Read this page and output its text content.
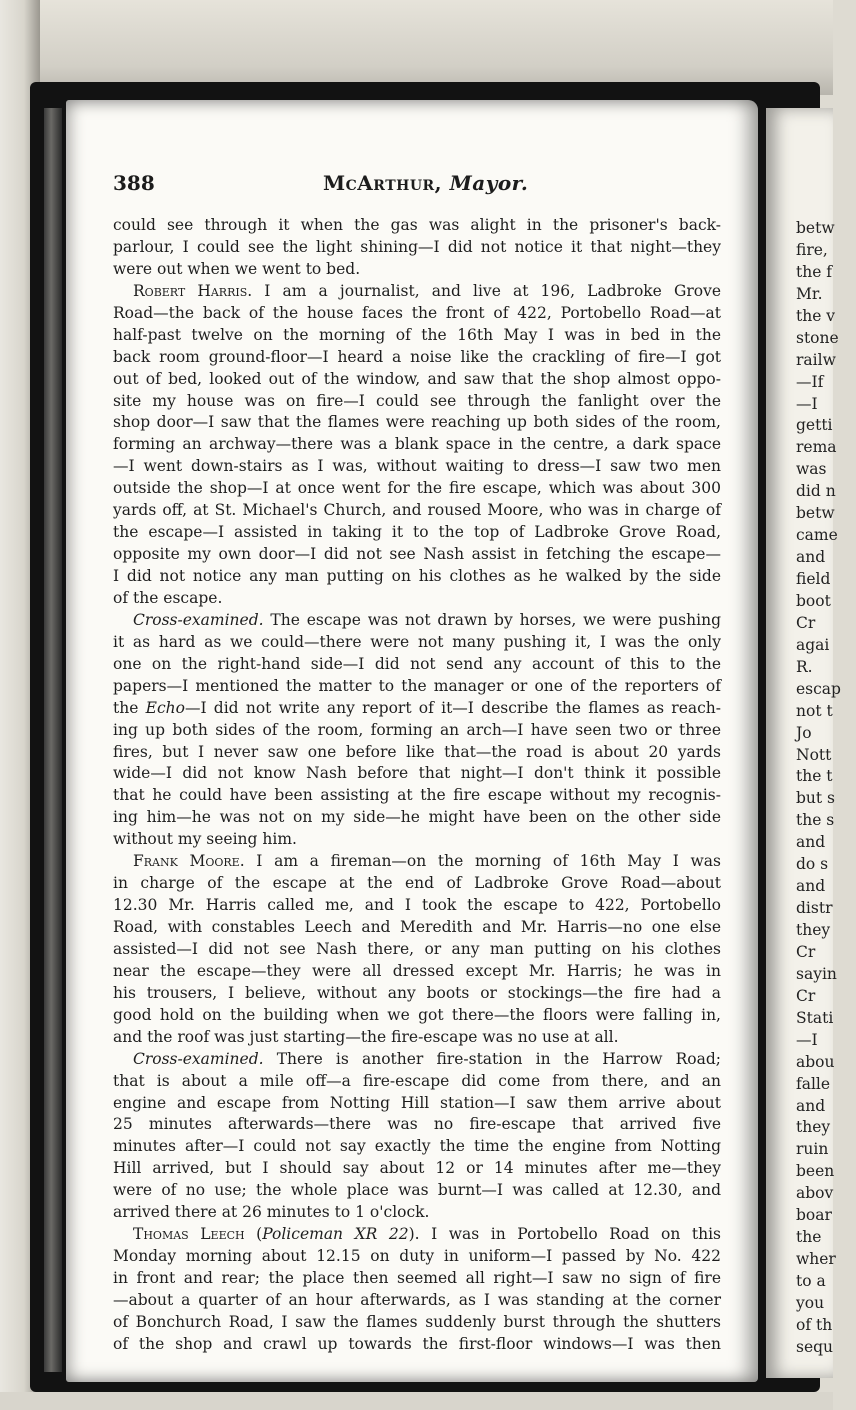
betw
fire,
the f
Mr.
the v
stone
railw
—If
—I
getti
rema
was
did n
betw
came
and
field
boot
Cr
agai
R.
escap
not t
Jo
Nott
the t
but s
the s
and
do s
and
distr
they
Cr
sayin
Cr
Stati
—I
abou
falle
and
they
ruin
been
abov
boar
the
wher
to a
you
of th
sequ
388	McArthur, Mayor.
could see through it when the gas was alight in the prisoner's back-
parlour, I could see the light shining—I did not notice it that night—they
were out when we went to bed.
Robert Harris. I am a journalist, and live at 196, Ladbroke Grove
Road—the back of the house faces the front of 422, Portobello Road—at
half-past twelve on the morning of the 16th May I was in bed in the
back room ground-floor—I heard a noise like the crackling of fire—I got
out of bed, looked out of the window, and saw that the shop almost oppo-
site my house was on fire—I could see through the fanlight over the
shop door—I saw that the flames were reaching up both sides of the room,
forming an archway—there was a blank space in the centre, a dark space
—I went down-stairs as I was, without waiting to dress—I saw two men
outside the shop—I at once went for the fire escape, which was about 300
yards off, at St. Michael's Church, and roused Moore, who was in charge of
the escape—I assisted in taking it to the top of Ladbroke Grove Road,
opposite my own door—I did not see Nash assist in fetching the escape—
I did not notice any man putting on his clothes as he walked by the side
of the escape.
Cross-examined. The escape was not drawn by horses, we were pushing
it as hard as we could—there were not many pushing it, I was the only
one on the right-hand side—I did not send any account of this to the
papers—I mentioned the matter to the manager or one of the reporters of
the Echo—I did not write any report of it—I describe the flames as reach-
ing up both sides of the room, forming an arch—I have seen two or three
fires, but I never saw one before like that—the road is about 20 yards
wide—I did not know Nash before that night—I don't think it possible
that he could have been assisting at the fire escape without my recognis-
ing him—he was not on my side—he might have been on the other side
without my seeing him.
Frank Moore. I am a fireman—on the morning of 16th May I was
in charge of the escape at the end of Ladbroke Grove Road—about
12.30 Mr. Harris called me, and I took the escape to 422, Portobello
Road, with constables Leech and Meredith and Mr. Harris—no one else
assisted—I did not see Nash there, or any man putting on his clothes
near the escape—they were all dressed except Mr. Harris; he was in
his trousers, I believe, without any boots or stockings—the fire had a
good hold on the building when we got there—the floors were falling in,
and the roof was just starting—the fire-escape was no use at all.
Cross-examined. There is another fire-station in the Harrow Road;
that is about a mile off—a fire-escape did come from there, and an
engine and escape from Notting Hill station—I saw them arrive about
25 minutes afterwards—there was no fire-escape that arrived five
minutes after—I could not say exactly the time the engine from Notting
Hill arrived, but I should say about 12 or 14 minutes after me—they
were of no use; the whole place was burnt—I was called at 12.30, and
arrived there at 26 minutes to 1 o'clock.
Thomas Leech (Policeman XR 22). I was in Portobello Road on this
Monday morning about 12.15 on duty in uniform—I passed by No. 422
in front and rear; the place then seemed all right—I saw no sign of fire
—about a quarter of an hour afterwards, as I was standing at the corner
of Bonchurch Road, I saw the flames suddenly burst through the shutters
of the shop and crawl up towards the first-floor windows—I was then
